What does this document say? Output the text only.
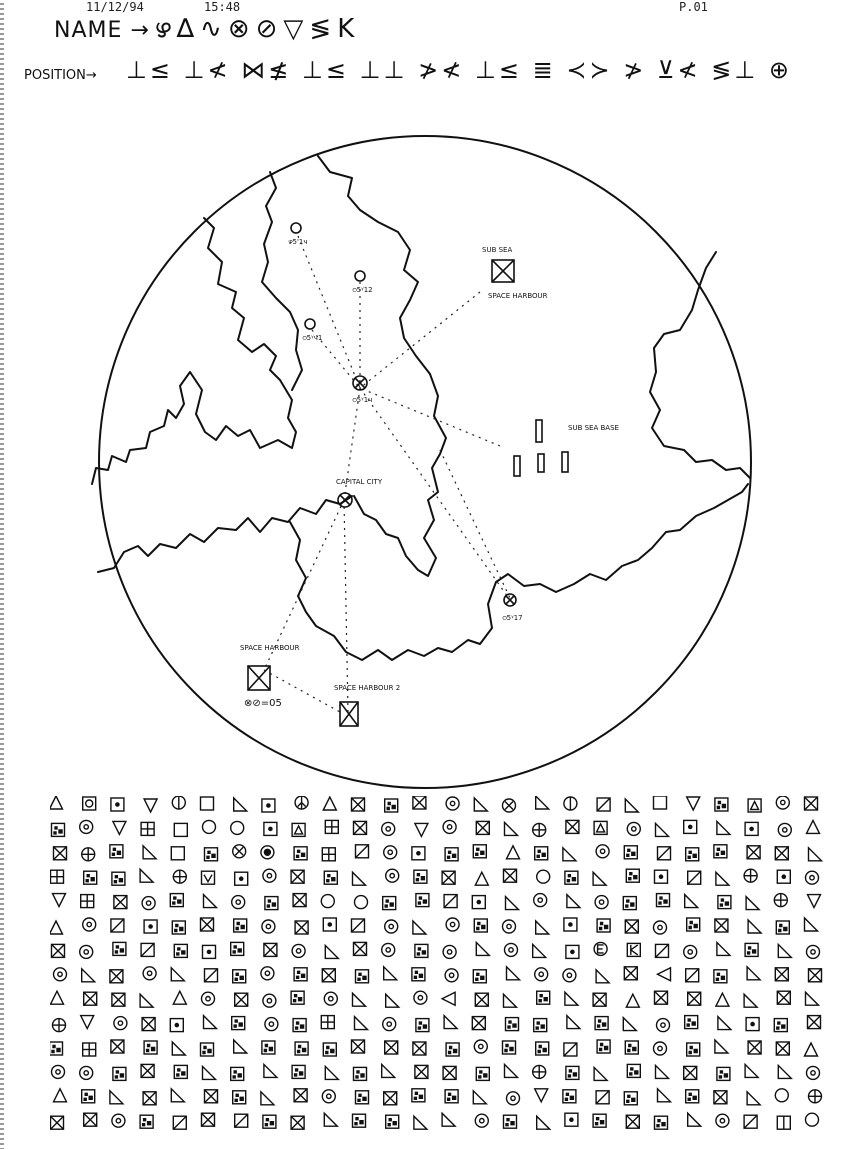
11/12/94	15:48	P.01
NAME → ഴ∆∿⊗⊘▽≶K
POSITION→ ⊥≤ ⊥≮ ⋈≰ ⊥≤ ⊥⊥ ≯≮ ⊥≤ ≣ ≺≻ ≯ ⊻≮ ≶⊥ ⊕
SUB SEA
SPACE HARBOUR
SUB SEA BASE
CAPITAL CITY
SPACE HARBOUR
SPACE HARBOUR 2
ഴ5'1ч
ഠ5ᵞ12
ഠ5ᵞч1
ഠ5ᵞ1ч
ഠ5ᵞ17
⊗⊘=05
